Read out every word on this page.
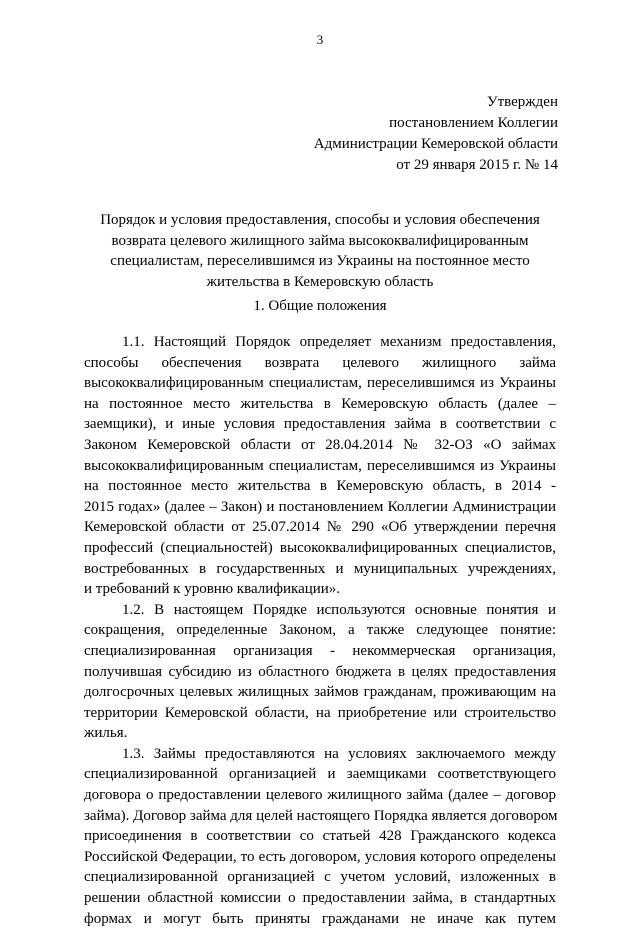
3
Утвержден
постановлением Коллегии
Администрации Кемеровской области
от 29 января 2015 г. № 14
Порядок и условия предоставления, способы и условия обеспечения
возврата целевого жилищного займа высококвалифицированным
специалистам, переселившимся из Украины на постоянное место
жительства в Кемеровскую область
1. Общие положения
1.1. Настоящий Порядок определяет механизм предоставления,
способы обеспечения возврата целевого жилищного займа
высококвалифицированным специалистам, переселившимся из Украины
на постоянное место жительства в Кемеровскую область (далее –
заемщики), и иные условия предоставления займа в соответствии с
Законом Кемеровской области от 28.04.2014 № 32-ОЗ «О займах
высококвалифицированным специалистам, переселившимся из Украины
на постоянное место жительства в Кемеровскую область, в 2014 -
2015 годах» (далее – Закон) и постановлением Коллегии Администрации
Кемеровской области от 25.07.2014 № 290 «Об утверждении перечня
профессий (специальностей) высококвалифицированных специалистов,
востребованных в государственных и муниципальных учреждениях,
и требований к уровню квалификации».
1.2. В настоящем Порядке используются основные понятия и
сокращения, определенные Законом, а также следующее понятие:
специализированная организация - некоммерческая организация,
получившая субсидию из областного бюджета в целях предоставления
долгосрочных целевых жилищных займов гражданам, проживающим на
территории Кемеровской области, на приобретение или строительство
жилья.
1.3. Займы предоставляются на условиях заключаемого между
специализированной организацией и заемщиками соответствующего
договора о предоставлении целевого жилищного займа (далее – договор
займа). Договор займа для целей настоящего Порядка является договором
присоединения в соответствии со статьей 428 Гражданского кодекса
Российской Федерации, то есть договором, условия которого определены
специализированной организацией с учетом условий, изложенных в
решении областной комиссии о предоставлении займа, в стандартных
формах и могут быть приняты гражданами не иначе как путем
